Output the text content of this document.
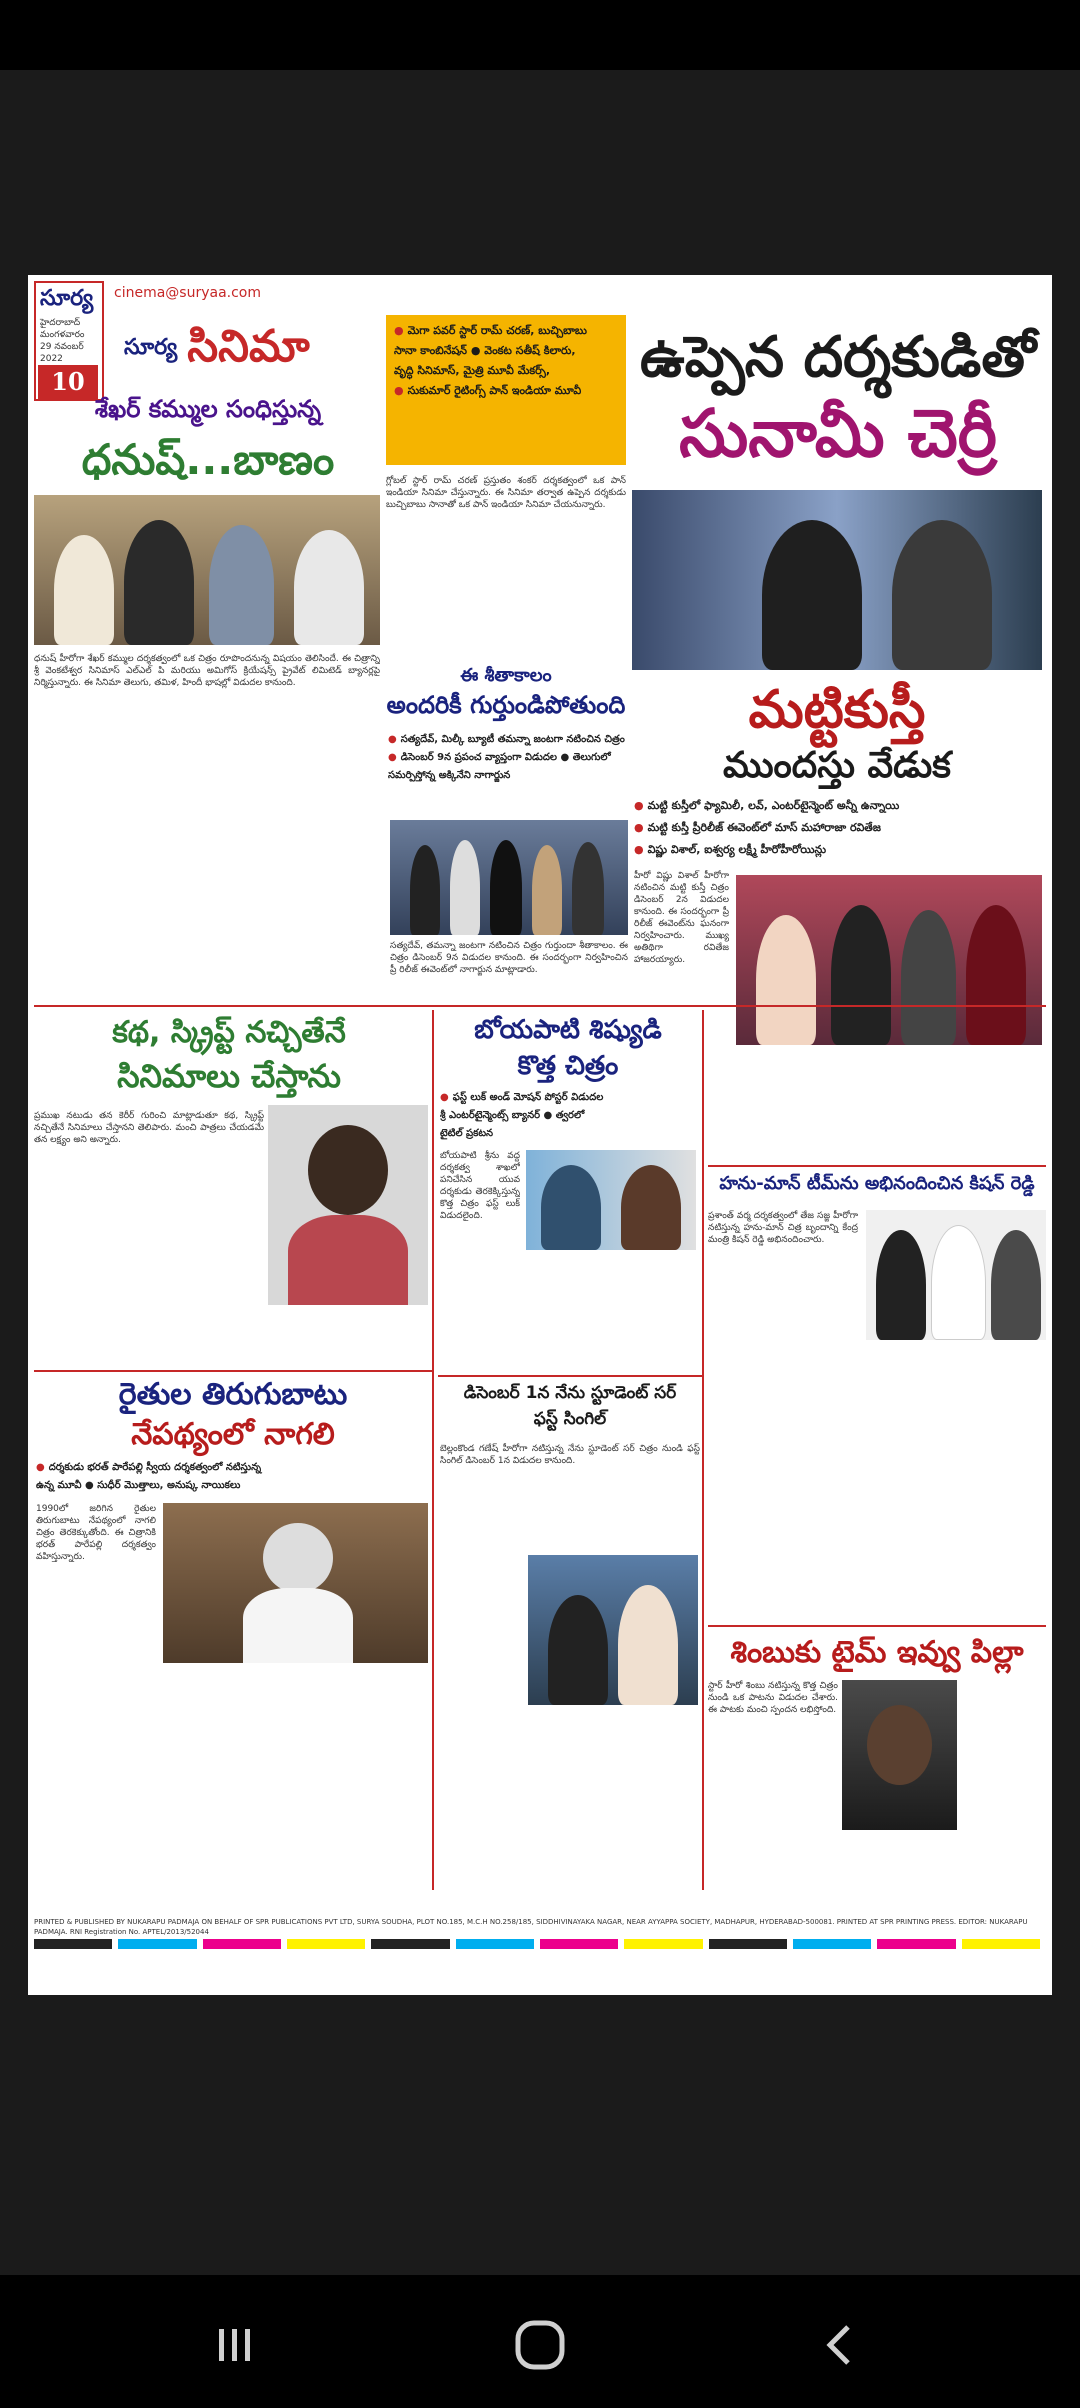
సూర్య
హైదరాబాద్
మంగళవారం
29 నవంబర్ 2022
10
cinema@suryaa.com
సూర్య సినిమా
శేఖర్ కమ్ముల సంధిస్తున్న
ధనుష్...బాణం
ధనుష్ హీరోగా శేఖర్ కమ్ముల దర్శకత్వంలో ఒక చిత్రం రూపొందనున్న విషయం తెలిసిందే. ఈ చిత్రాన్ని శ్రీ వెంకటేశ్వర సినిమాస్ ఎల్ఎల్ పి మరియు అమిగోస్ క్రియేషన్స్ ప్రైవేట్ లిమిటెడ్ బ్యానర్లపై నిర్మిస్తున్నారు. ఈ సినిమా తెలుగు, తమిళ, హిందీ భాషల్లో విడుదల కానుంది.
● మెగా పవర్ స్టార్ రామ్ చరణ్, బుచ్చిబాబు
సానా కాంబినేషన్ ● వెంకట సతీష్ కిలారు,
వృద్ధి సినిమాస్, మైత్రి మూవీ మేకర్స్,
● సుకుమార్ రైటింగ్స్ పాన్ ఇండియా మూవీ
ఉప్పెన దర్శకుడితో
సునామీ చెర్రీ
గ్లోబల్ స్టార్ రామ్ చరణ్ ప్రస్తుతం శంకర్ దర్శకత్వంలో ఒక పాన్ ఇండియా సినిమా చేస్తున్నారు. ఈ సినిమా తర్వాత ఉప్పెన దర్శకుడు బుచ్చిబాబు సానాతో ఒక పాన్ ఇండియా సినిమా చేయనున్నారు.
ఈ శీతాకాలం
అందరికీ గుర్తుండిపోతుంది
● సత్యదేవ్, మిల్కీ బ్యూటీ తమన్నా జంటగా నటించిన చిత్రం
● డిసెంబర్ 9న ప్రపంచ వ్యాప్తంగా విడుదల ● తెలుగులో
సమర్పిస్తోన్న అక్కినేని నాగార్జున
సత్యదేవ్, తమన్నా జంటగా నటించిన చిత్రం గుర్తుందా శీతాకాలం. ఈ చిత్రం డిసెంబర్ 9న విడుదల కానుంది. ఈ సందర్భంగా నిర్వహించిన ప్రీ రిలీజ్ ఈవెంట్‌లో నాగార్జున మాట్లాడారు.
మట్టికుస్తీ
ముందస్తు వేడుక
● మట్టి కుస్తీలో ఫ్యామిలీ, లవ్, ఎంటర్‌టైన్మెంట్ అన్నీ ఉన్నాయి
● మట్టి కుస్తీ ప్రీరిలీజ్ ఈవెంట్‌లో మాస్ మహారాజా రవితేజ
● విష్ణు విశాల్, ఐశ్వర్య లక్ష్మీ హీరోహీరోయిన్లు
హీరో విష్ణు విశాల్ హీరోగా నటించిన మట్టి కుస్తీ చిత్రం డిసెంబర్ 2న విడుదల కానుంది. ఈ సందర్భంగా ప్రీ రిలీజ్ ఈవెంట్‌ను ఘనంగా నిర్వహించారు. ముఖ్య అతిథిగా రవితేజ హాజరయ్యారు.
కథ, స్క్రిప్ట్ నచ్చితేనే
సినిమాలు చేస్తాను
ప్రముఖ నటుడు తన కెరీర్ గురించి మాట్లాడుతూ కథ, స్క్రిప్ట్ నచ్చితేనే సినిమాలు చేస్తానని తెలిపారు. మంచి పాత్రలు చేయడమే తన లక్ష్యం అని అన్నారు.
బోయపాటి శిష్యుడి
కొత్త చిత్రం
● ఫస్ట్ లుక్ అండ్ మోషన్ పోస్టర్ విడుదల
శ్రీ ఎంటర్‌టైన్మెంట్స్ బ్యానర్ ● త్వరలో
టైటిల్ ప్రకటన
బోయపాటి శ్రీను వద్ద దర్శకత్వ శాఖలో పనిచేసిన యువ దర్శకుడు తెరకెక్కిస్తున్న కొత్త చిత్రం ఫస్ట్ లుక్ విడుదలైంది.
హను-మాన్ టీమ్‌ను అభినందించిన కిషన్ రెడ్డి
ప్రశాంత్ వర్మ దర్శకత్వంలో తేజ సజ్జ హీరోగా నటిస్తున్న హను-మాన్ చిత్ర బృందాన్ని కేంద్ర మంత్రి కిషన్ రెడ్డి అభినందించారు.
రైతుల తిరుగుబాటు
నేపథ్యంలో నాగలి
● దర్శకుడు భరత్ పారేపల్లి స్వీయ దర్శకత్వంలో నటిస్తున్న
ఉన్న మూవీ ● సుధీర్ మొత్తాలు, అనుష్క నాయికలు
1990లో జరిగిన రైతుల తిరుగుబాటు నేపథ్యంలో నాగలి చిత్రం తెరకెక్కుతోంది. ఈ చిత్రానికి భరత్ పారేపల్లి దర్శకత్వం వహిస్తున్నారు.
డిసెంబర్ 1న నేను స్టూడెంట్ సర్
ఫస్ట్ సింగిల్
బెల్లంకొండ గణేష్ హీరోగా నటిస్తున్న నేను స్టూడెంట్ సర్ చిత్రం నుండి ఫస్ట్ సింగిల్ డిసెంబర్ 1న విడుదల కానుంది.
శింబుకు టైమ్ ఇవ్వు పిల్లా
స్టార్ హీరో శింబు నటిస్తున్న కొత్త చిత్రం నుండి ఒక పాటను విడుదల చేశారు. ఈ పాటకు మంచి స్పందన లభిస్తోంది.
PRINTED & PUBLISHED BY NUKARAPU PADMAJA ON BEHALF OF SPR PUBLICATIONS PVT LTD, SURYA SOUDHA, PLOT NO.185, M.C.H NO.258/185, SIDDHIVINAYAKA NAGAR, NEAR AYYAPPA SOCIETY, MADHAPUR, HYDERABAD-500081. PRINTED AT SPR PRINTING PRESS. EDITOR: NUKARAPU PADMAJA. RNI Registration No. APTEL/2013/52044
